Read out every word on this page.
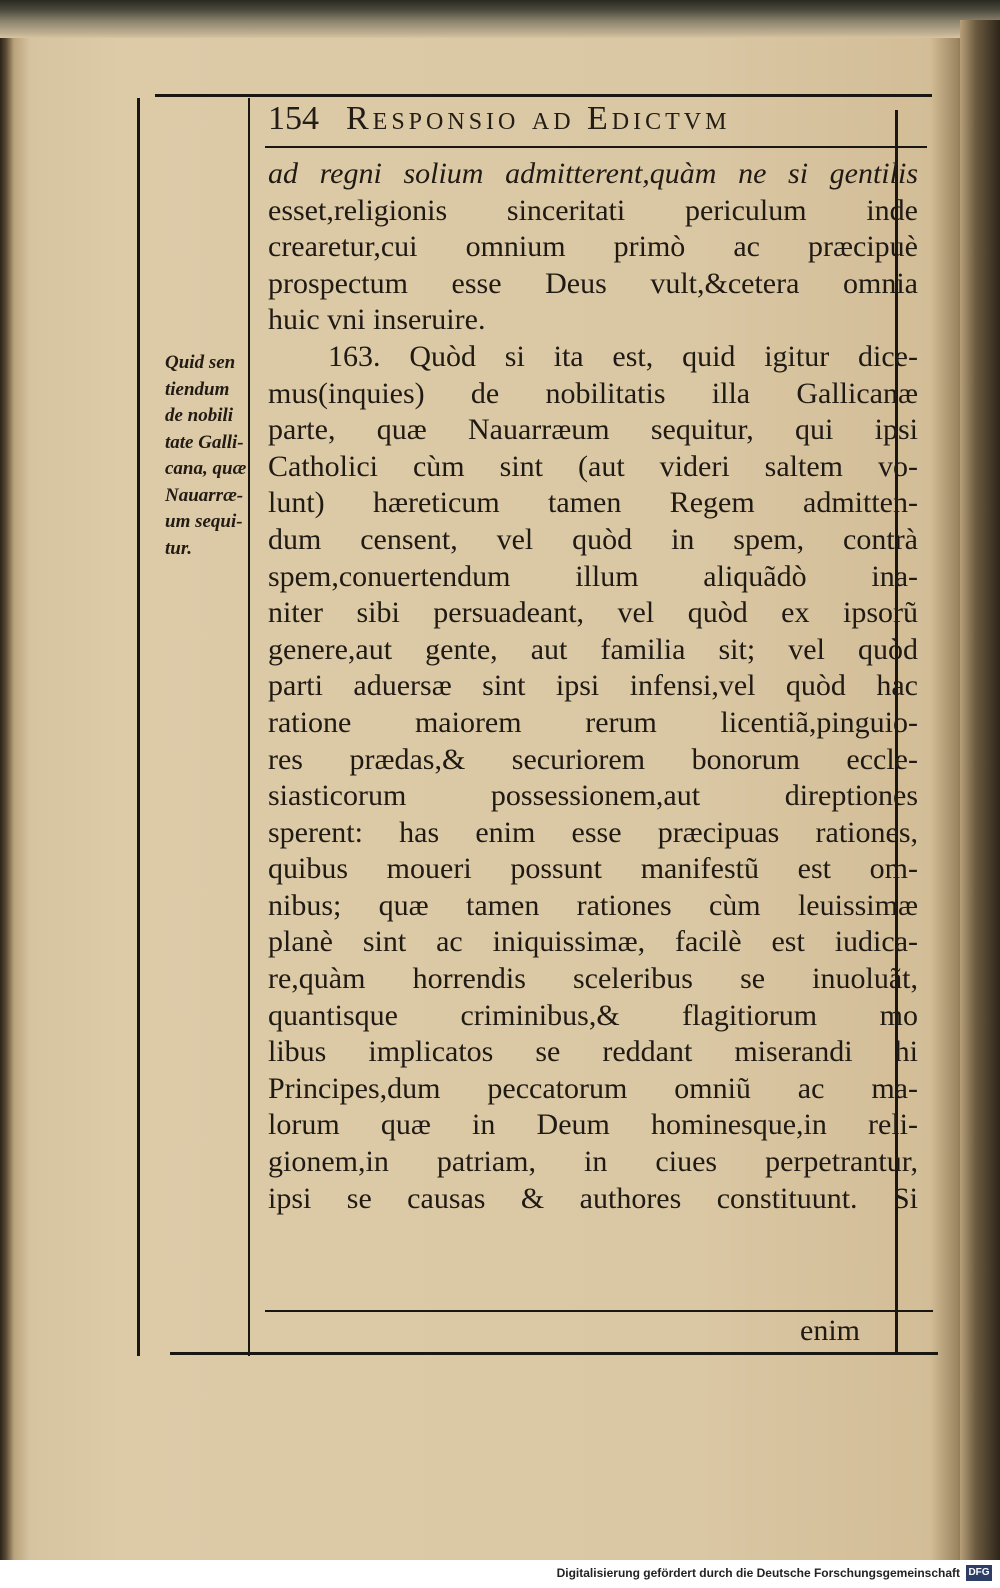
154 Responsio ad Edictvm
Quid sen
tiendum
de nobili
tate Galli-
cana, quæ
Nauarræ-
um sequi-
tur.
ad regni solium admitterent,quàm ne si gentilis
esset,religionis sinceritati periculum inde
crearetur,cui omnium primò ac præcipuè
prospectum esse Deus vult,&cetera omnia
huic vni inseruire.
163. Quòd si ita est, quid igitur dice-
mus(inquies) de nobilitatis illa Gallicanæ
parte, quæ Nauarræum sequitur, qui ipsi
Catholici cùm sint (aut videri saltem vo-
lunt) hæreticum tamen Regem admitten-
dum censent, vel quòd in spem, contrà
spem,conuertendum illum aliquãdò ina-
niter sibi persuadeant, vel quòd ex ipsorũ
genere,aut gente, aut familia sit; vel quòd
parti aduersæ sint ipsi infensi,vel quòd hac
ratione maiorem rerum licentiã,pinguio-
res prædas,& securiorem bonorum eccle-
siasticorum possessionem,aut direptiones
sperent: has enim esse præcipuas rationes,
quibus moueri possunt manifestũ est om-
nibus; quæ tamen rationes cùm leuissimæ
planè sint ac iniquissimæ, facilè est iudica-
re,quàm horrendis sceleribus se inuoluãt,
quantisque criminibus,& flagitiorum mo
libus implicatos se reddant miserandi hi
Principes,dum peccatorum omniũ ac ma-
lorum quæ in Deum hominesque,in reli-
gionem,in patriam, in ciues perpetrantur,
ipsi se causas & authores constituunt. Si
enim
Digitalisierung gefördert durch die Deutsche Forschungsgemeinschaft DFG
